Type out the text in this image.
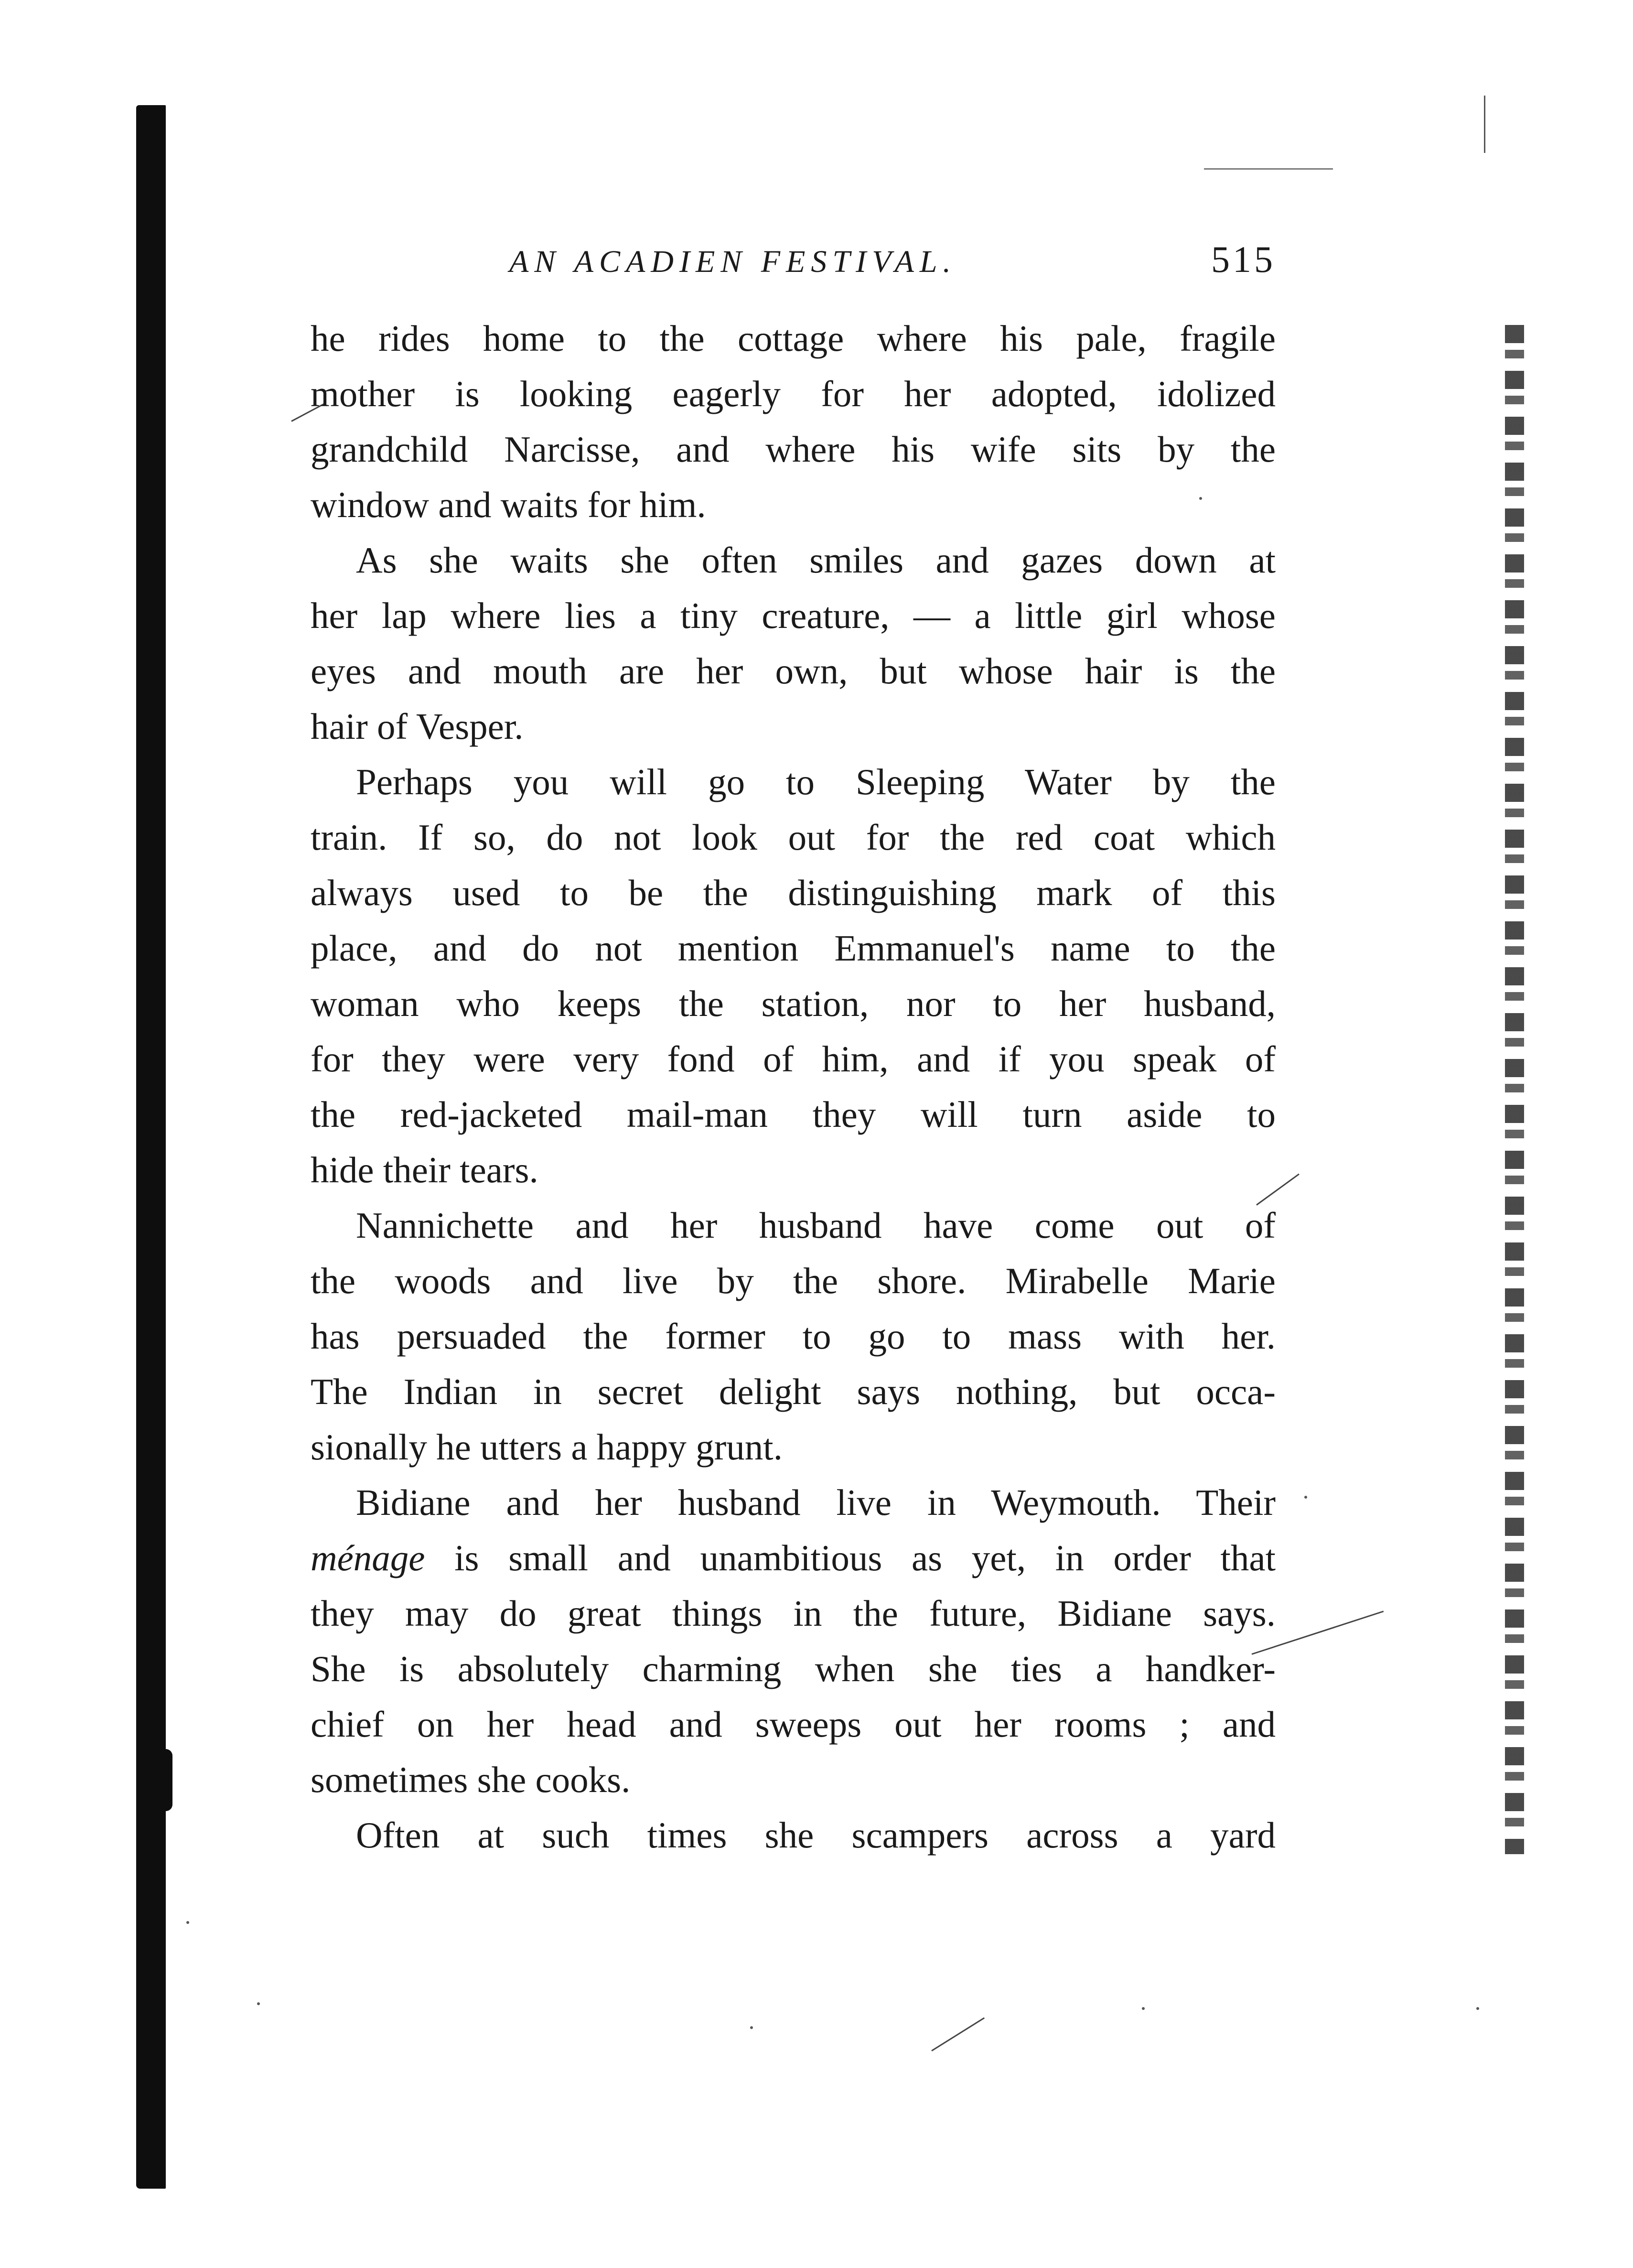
AN ACADIEN FESTIVAL.	515
he rides home to the cottage where his pale, fragile
mother is looking eagerly for her adopted, idolized
grandchild Narcisse, and where his wife sits by the
window and waits for him.
As she waits she often smiles and gazes down at
her lap where lies a tiny creature, — a little girl whose
eyes and mouth are her own, but whose hair is the
hair of Vesper.
Perhaps you will go to Sleeping Water by the
train. If so, do not look out for the red coat which
always used to be the distinguishing mark of this
place, and do not mention Emmanuel's name to the
woman who keeps the station, nor to her husband,
for they were very fond of him, and if you speak of
the red-jacketed mail-man they will turn aside to
hide their tears.
Nannichette and her husband have come out of
the woods and live by the shore. Mirabelle Marie
has persuaded the former to go to mass with her.
The Indian in secret delight says nothing, but occa-
sionally he utters a happy grunt.
Bidiane and her husband live in Weymouth. Their
ménage is small and unambitious as yet, in order that
they may do great things in the future, Bidiane says.
She is absolutely charming when she ties a handker-
chief on her head and sweeps out her rooms ; and
sometimes she cooks.
Often at such times she scampers across a yard
